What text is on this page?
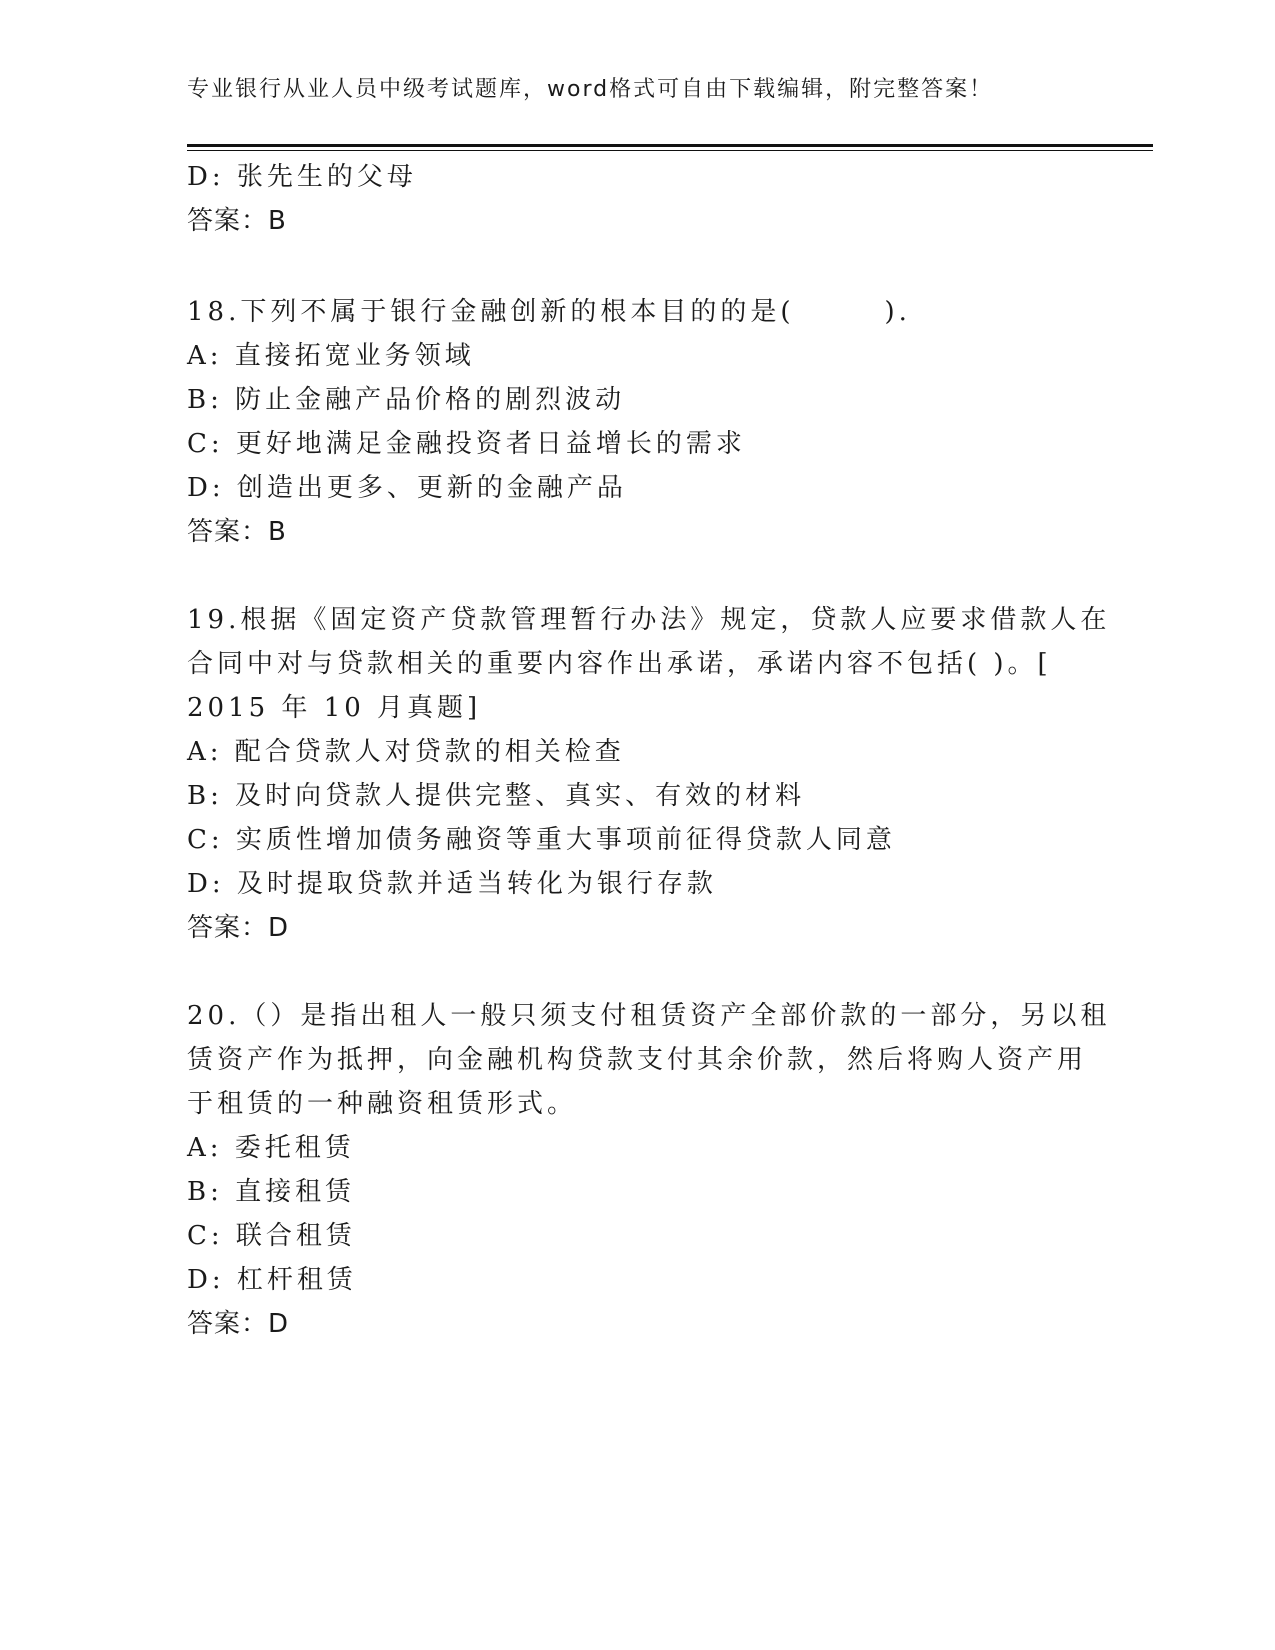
专业银行从业人员中级考试题库，word格式可自由下载编辑，附完整答案！
D: 张先生的父母
答案：B
18.下列不属于银行金融创新的根本目的的是(　　　).
A: 直接拓宽业务领域
B: 防止金融产品价格的剧烈波动
C: 更好地满足金融投资者日益增长的需求
D: 创造出更多、更新的金融产品
答案：B
19.根据《固定资产贷款管理暂行办法》规定，贷款人应要求借款人在
合同中对与贷款相关的重要内容作出承诺，承诺内容不包括( )。[
2015 年 10 月真题]
A: 配合贷款人对贷款的相关检查
B: 及时向贷款人提供完整、真实、有效的材料
C: 实质性增加债务融资等重大事项前征得贷款人同意
D: 及时提取贷款并适当转化为银行存款
答案：D
20.（）是指出租人一般只须支付租赁资产全部价款的一部分，另以租
赁资产作为抵押，向金融机构贷款支付其余价款，然后将购人资产用
于租赁的一种融资租赁形式。
A: 委托租赁
B: 直接租赁
C: 联合租赁
D: 杠杆租赁
答案：D
